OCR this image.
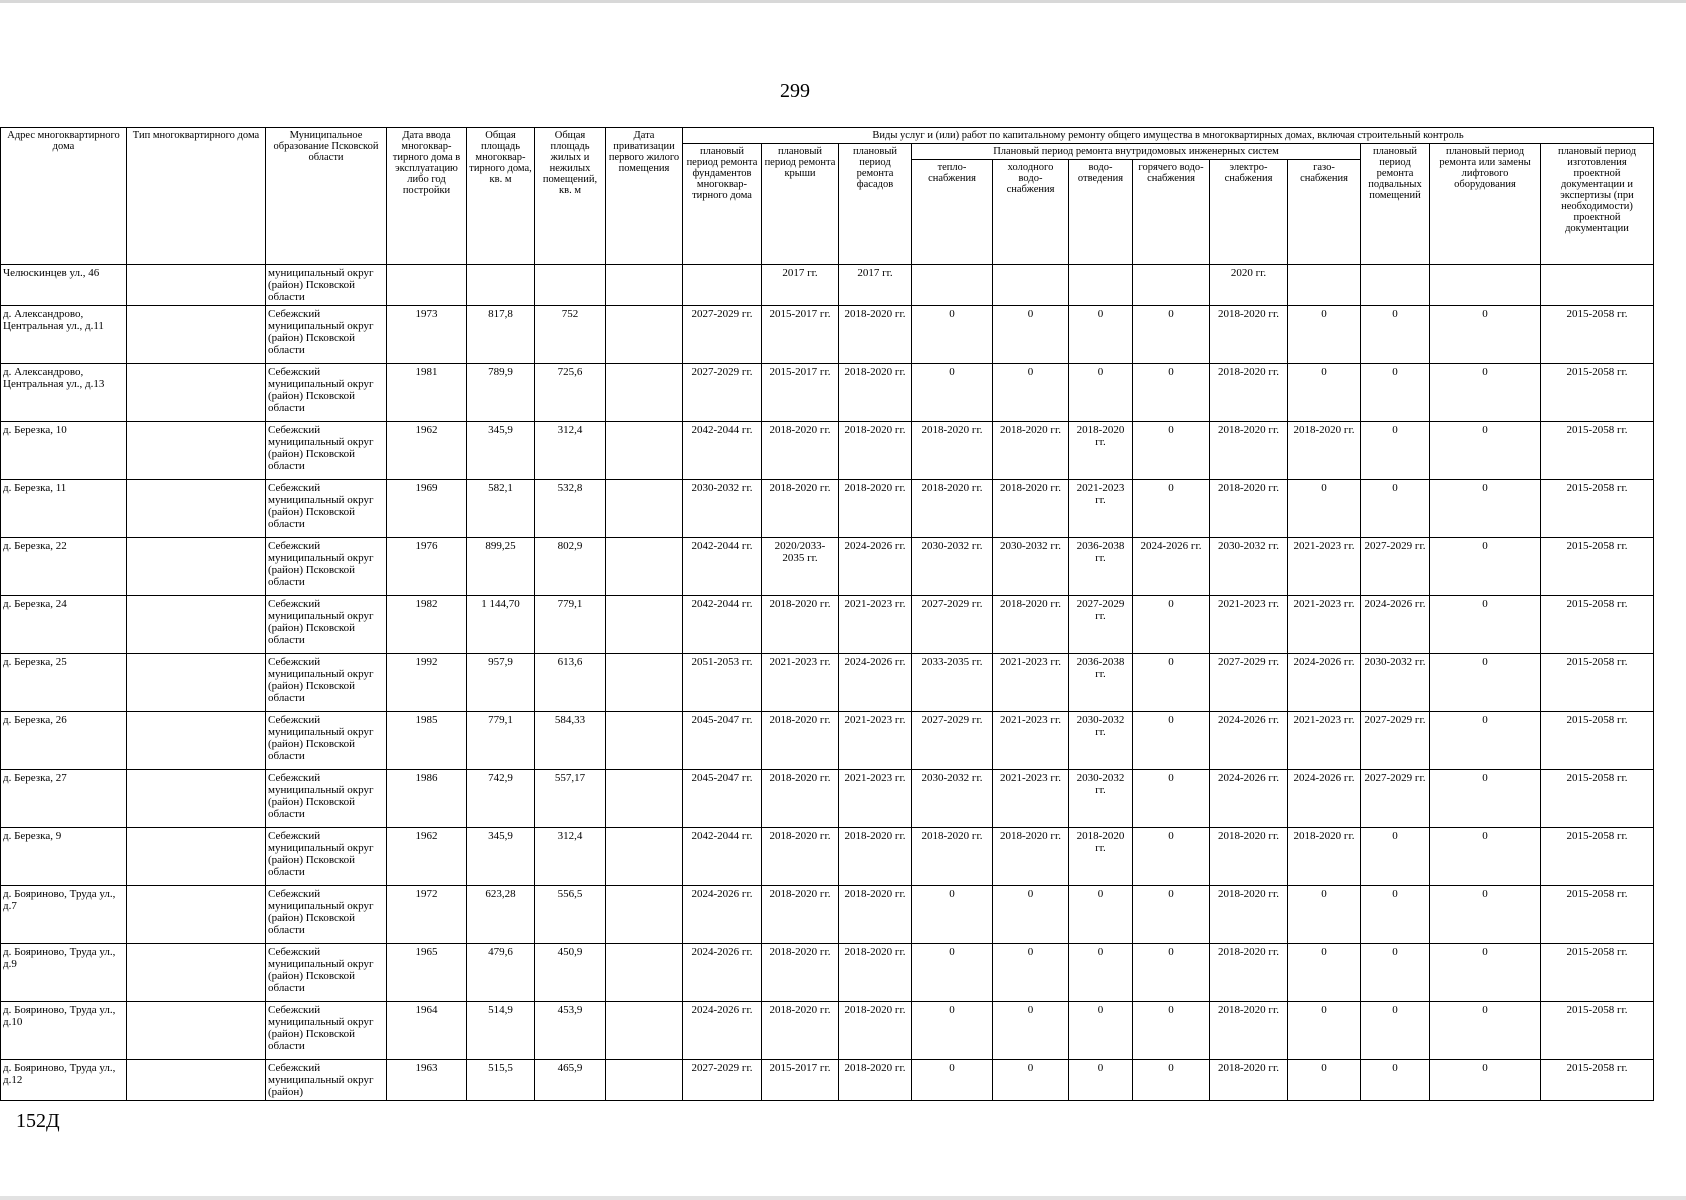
299
Адрес многоквартирного дома	Тип многоквартирного дома	Муниципальное образование Псковской области	Дата ввода многоквар-тирного дома в эксплуатацию либо год постройки	Общая площадь многоквар-тирного дома, кв. м	Общая площадь жилых и нежилых помещений, кв. м	Дата приватизации первого жилого помещения	Виды услуг и (или) работ по капитальному ремонту общего имущества в многоквартирных домах, включая строительный контроль											
							плановый период ремонта фундаментов многоквар-тирного дома	плановый период ремонта крыши	плановый период ремонта фасадов	Плановый период ремонта внутридомовых инженерных систем						плановый период ремонта подвальных помещений	плановый период ремонта или замены лифтового оборудования	плановый период изготовления проектной документации и экспертизы (при необходимости) проектной документации
										тепло-снабжения	холодного водо-снабжения	водо-отведения	горячего водо-снабжения	электро-снабжения	газо-снабжения			
Челюскинцев ул., 46		муниципальный округ (район) Псковской области						2017 гг.	2017 гг.					2020 гг.				
д. Александрово, Центральная ул., д.11		Себежский муниципальный округ (район) Псковской области	1973	817,8	752		2027-2029 гг.	2015-2017 гг.	2018-2020 гг.	0	0	0	0	2018-2020 гг.	0	0	0	2015-2058 гг.
д. Александрово, Центральная ул., д.13		Себежский муниципальный округ (район) Псковской области	1981	789,9	725,6		2027-2029 гг.	2015-2017 гг.	2018-2020 гг.	0	0	0	0	2018-2020 гг.	0	0	0	2015-2058 гг.
д. Березка, 10		Себежский муниципальный округ (район) Псковской области	1962	345,9	312,4		2042-2044 гг.	2018-2020 гг.	2018-2020 гг.	2018-2020 гг.	2018-2020 гг.	2018-2020 гг.	0	2018-2020 гг.	2018-2020 гг.	0	0	2015-2058 гг.
д. Березка, 11		Себежский муниципальный округ (район) Псковской области	1969	582,1	532,8		2030-2032 гг.	2018-2020 гг.	2018-2020 гг.	2018-2020 гг.	2018-2020 гг.	2021-2023 гг.	0	2018-2020 гг.	0	0	0	2015-2058 гг.
д. Березка, 22		Себежский муниципальный округ (район) Псковской области	1976	899,25	802,9		2042-2044 гг.	2020/2033-2035 гг.	2024-2026 гг.	2030-2032 гг.	2030-2032 гг.	2036-2038 гг.	2024-2026 гг.	2030-2032 гг.	2021-2023 гг.	2027-2029 гг.	0	2015-2058 гг.
д. Березка, 24		Себежский муниципальный округ (район) Псковской области	1982	1 144,70	779,1		2042-2044 гг.	2018-2020 гг.	2021-2023 гг.	2027-2029 гг.	2018-2020 гг.	2027-2029 гг.	0	2021-2023 гг.	2021-2023 гг.	2024-2026 гг.	0	2015-2058 гг.
д. Березка, 25		Себежский муниципальный округ (район) Псковской области	1992	957,9	613,6		2051-2053 гг.	2021-2023 гг.	2024-2026 гг.	2033-2035 гг.	2021-2023 гг.	2036-2038 гг.	0	2027-2029 гг.	2024-2026 гг.	2030-2032 гг.	0	2015-2058 гг.
д. Березка, 26		Себежский муниципальный округ (район) Псковской области	1985	779,1	584,33		2045-2047 гг.	2018-2020 гг.	2021-2023 гг.	2027-2029 гг.	2021-2023 гг.	2030-2032 гг.	0	2024-2026 гг.	2021-2023 гг.	2027-2029 гг.	0	2015-2058 гг.
д. Березка, 27		Себежский муниципальный округ (район) Псковской области	1986	742,9	557,17		2045-2047 гг.	2018-2020 гг.	2021-2023 гг.	2030-2032 гг.	2021-2023 гг.	2030-2032 гг.	0	2024-2026 гг.	2024-2026 гг.	2027-2029 гг.	0	2015-2058 гг.
д. Березка, 9		Себежский муниципальный округ (район) Псковской области	1962	345,9	312,4		2042-2044 гг.	2018-2020 гг.	2018-2020 гг.	2018-2020 гг.	2018-2020 гг.	2018-2020 гг.	0	2018-2020 гг.	2018-2020 гг.	0	0	2015-2058 гг.
д. Бояриново, Труда ул., д.7		Себежский муниципальный округ (район) Псковской области	1972	623,28	556,5		2024-2026 гг.	2018-2020 гг.	2018-2020 гг.	0	0	0	0	2018-2020 гг.	0	0	0	2015-2058 гг.
д. Бояриново, Труда ул., д.9		Себежский муниципальный округ (район) Псковской области	1965	479,6	450,9		2024-2026 гг.	2018-2020 гг.	2018-2020 гг.	0	0	0	0	2018-2020 гг.	0	0	0	2015-2058 гг.
д. Бояриново, Труда ул., д.10		Себежский муниципальный округ (район) Псковской области	1964	514,9	453,9		2024-2026 гг.	2018-2020 гг.	2018-2020 гг.	0	0	0	0	2018-2020 гг.	0	0	0	2015-2058 гг.
д. Бояриново, Труда ул., д.12		Себежский муниципальный округ (район)	1963	515,5	465,9		2027-2029 гг.	2015-2017 гг.	2018-2020 гг.	0	0	0	0	2018-2020 гг.	0	0	0	2015-2058 гг.
152Д
